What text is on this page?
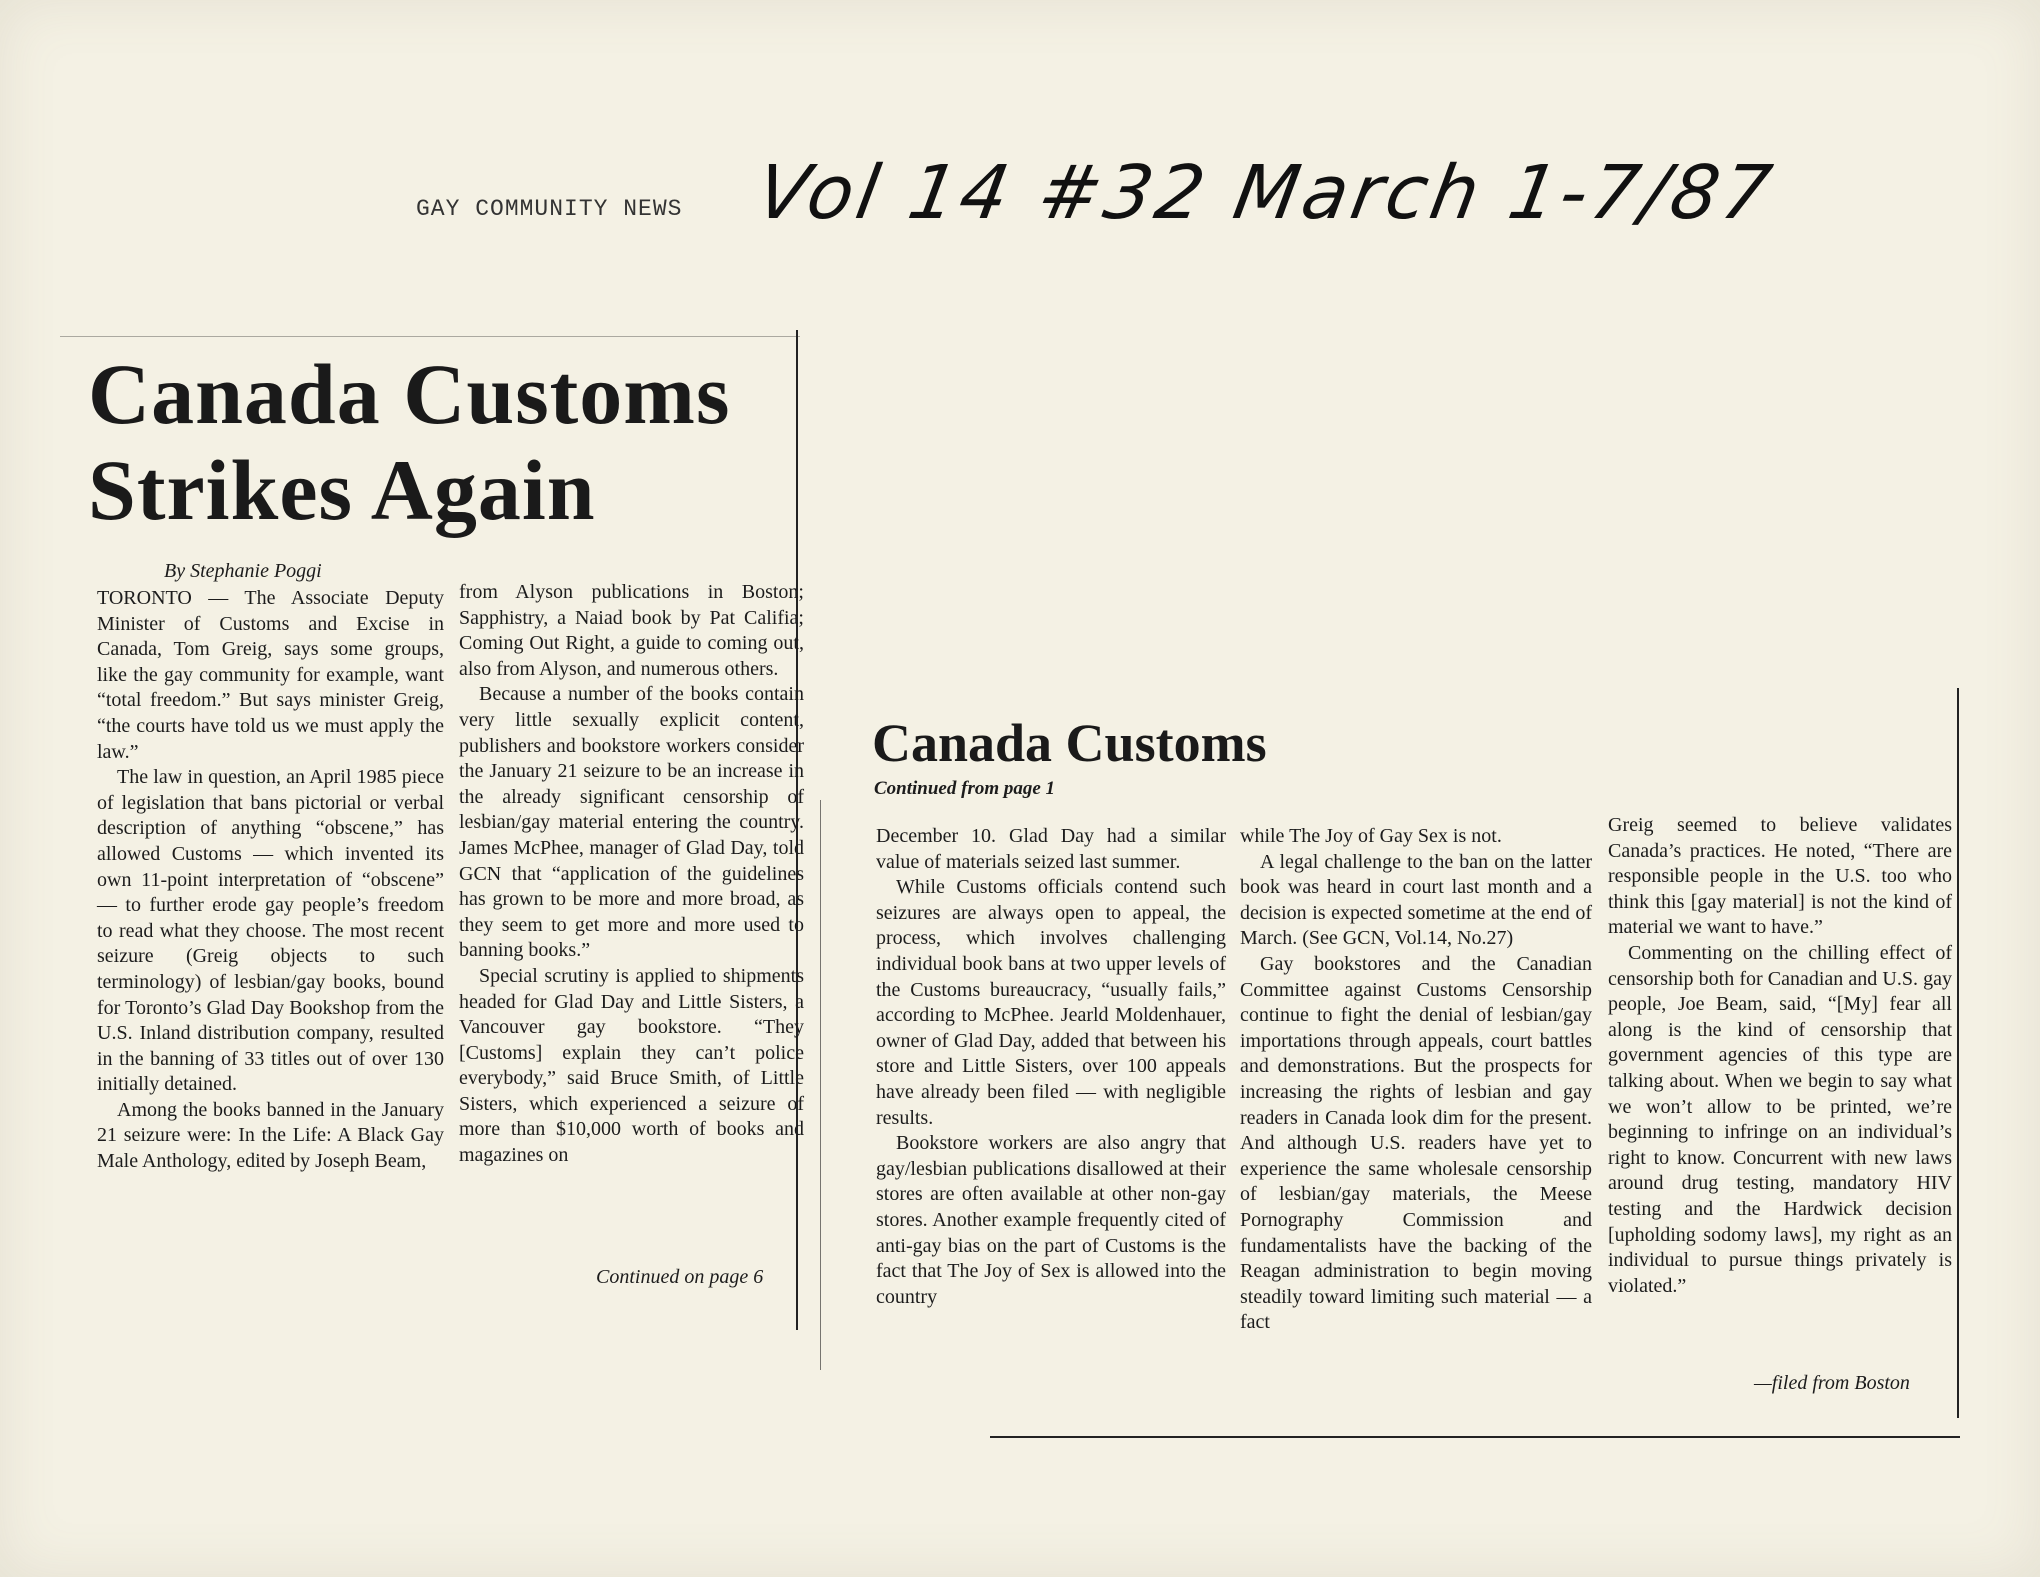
GAY COMMUNITY NEWS Vol 14 #32 March 1-7/87
Canada Customs Strikes Again
By Stephanie Poggi

TORONTO — The Associate Deputy Minister of Customs and Excise in Canada, Tom Greig, says some groups, like the gay community for example, want “total freedom.” But says minister Greig, “the courts have told us we must apply the law.”

The law in question, an April 1985 piece of legislation that bans pictorial or verbal description of anything “obscene,” has allowed Customs — which invented its own 11-point interpretation of “obscene” — to further erode gay people’s freedom to read what they choose. The most recent seizure (Greig objects to such terminology) of lesbian/gay books, bound for Toronto’s Glad Day Bookshop from the U.S. Inland distribution company, resulted in the banning of 33 titles out of over 130 initially detained.

Among the books banned in the January 21 seizure were: In the Life: A Black Gay Male Anthology, edited by Joseph Beam,

from Alyson publications in Boston; Sapphistry, a Naiad book by Pat Califia; Coming Out Right, a guide to coming out, also from Alyson, and numerous others.

Because a number of the books contain very little sexually explicit content, publishers and bookstore workers consider the January 21 seizure to be an increase in the already significant censorship of lesbian/gay material entering the country. James McPhee, manager of Glad Day, told GCN that “application of the guidelines has grown to be more and more broad, as they seem to get more and more used to banning books.”

Special scrutiny is applied to shipments headed for Glad Day and Little Sisters, a Vancouver gay bookstore. “They [Customs] explain they can’t police everybody,” said Bruce Smith, of Little Sisters, which experienced a seizure of more than $10,000 worth of books and magazines on

Continued on page 6
Canada Customs
Continued from page 1

December 10. Glad Day had a similar value of materials seized last summer.

While Customs officials contend such seizures are always open to appeal, the process, which involves challenging individual book bans at two upper levels of the Customs bureaucracy, “usually fails,” according to McPhee. Jearld Moldenhauer, owner of Glad Day, added that between his store and Little Sisters, over 100 appeals have already been filed — with negligible results.

Bookstore workers are also angry that gay/lesbian publications disallowed at their stores are often available at other non-gay stores. Another example frequently cited of anti-gay bias on the part of Customs is the fact that The Joy of Sex is allowed into the country

while The Joy of Gay Sex is not.

A legal challenge to the ban on the latter book was heard in court last month and a decision is expected sometime at the end of March. (See GCN, Vol.14, No.27)

Gay bookstores and the Canadian Committee against Customs Censorship continue to fight the denial of lesbian/gay importations through appeals, court battles and demonstrations. But the prospects for increasing the rights of lesbian and gay readers in Canada look dim for the present. And although U.S. readers have yet to experience the same wholesale censorship of lesbian/gay materials, the Meese Pornography Commission and fundamentalists have the backing of the Reagan administration to begin moving steadily toward limiting such material — a fact

Greig seemed to believe validates Canada’s practices. He noted, “There are responsible people in the U.S. too who think this [gay material] is not the kind of material we want to have.”

Commenting on the chilling effect of censorship both for Canadian and U.S. gay people, Joe Beam, said, “[My] fear all along is the kind of censorship that government agencies of this type are talking about. When we begin to say what we won’t allow to be printed, we’re beginning to infringe on an individual’s right to know. Concurrent with new laws around drug testing, mandatory HIV testing and the Hardwick decision [upholding sodomy laws], my right as an individual to pursue things privately is violated.”

—filed from Boston
